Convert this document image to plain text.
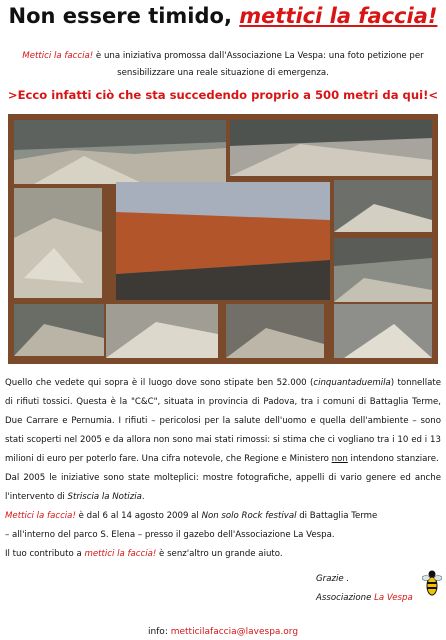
Non essere timido, mettici la faccia!
Mettici la faccia! è una iniziativa promossa dall'Associazione La Vespa: una foto petizione per
sensibilizzare una reale situazione di emergenza.
>Ecco infatti ciò che sta succedendo proprio a 500 metri da qui!<

Quello che vedete qui sopra è il luogo dove sono stipate ben 52.000 (cinquantaduemila) tonnellate di rifiuti tossici. Questa è la "C&C", situata in provincia di Padova, tra i comuni di Battaglia Terme, Due Carrare e Pernumia. I rifiuti – pericolosi per la salute dell'uomo e quella dell'ambiente – sono stati scoperti nel 2005 e da allora non sono mai stati rimossi: si stima che ci vogliano tra i 10 ed i 13 milioni di euro per poterlo fare. Una cifra notevole, che Regione e Ministero non intendono stanziare.

Dal 2005 le iniziative sono state molteplici: mostre fotografiche, appelli di vario genere ed anche l'intervento di Striscia la Notizia.

Mettici la faccia! è dal 6 al 14 agosto 2009 al Non solo Rock festival di Battaglia Terme

– all'interno del parco S. Elena – presso il gazebo dell'Associazione La Vespa.

Il tuo contributo a mettici la faccia! è senz'altro un grande aiuto.

Grazie .
Associazione La Vespa
info: metticilafaccia@lavespa.org
